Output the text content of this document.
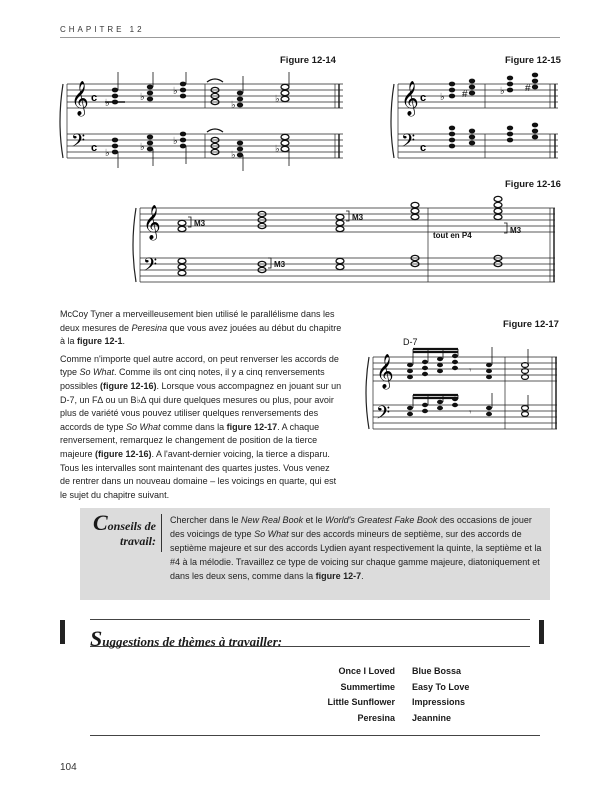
CHAPITRE 12
Figure 12-14	Figure 12-15
Figure 12-16
Figure 12-17
𝄞
𝄢
c
c
♭
♭
♭
♭
♭
♭
♭
♭
♭
♭
𝄞
𝄢
c
c
♭ #	♭ #
𝄞
𝄢
M3
M3
M3
M3
tout en P4

McCoy Tyner a merveilleusement bien utilisé le parallélisme dans les deux mesures de Peresina que vous avez jouées au début du chapitre à la figure 12-1.

Comme n'importe quel autre accord, on peut renverser les accords de type So What. Comme ils ont cinq notes, il y a cinq renversements possibles (figure 12-16). Lorsque vous accompagnez en jouant sur un D-7, un F∆ ou un B♭∆ qui dure quelques mesures ou plus, pour avoir plus de variété vous pouvez utiliser quelques renversements des accords de type So What comme dans la figure 12-17. A chaque renversement, remarquez le changement de position de la tierce majeure (figure 12-16). A l'avant-dernier voicing, la tierce a disparu. Tous les intervalles sont maintenant des quartes justes. Vous venez de rentrer dans un nouveau domaine – les voicings en quarte, qui est le sujet du chapitre suivant.

D-7
𝄞
𝄢
𝄾
𝄾
Conseils de
travail:
Chercher dans le New Real Book et le World's Greatest Fake Book des occasions de jouer des voicings de type So What sur des accords mineurs de septième, sur des accords de septième majeure et sur des accords Lydien ayant respectivement la quinte, la septième et la #4 à la mélodie. Travaillez ce type de voicing sur chaque gamme majeure, diatoniquement et dans les deux sens, comme dans la figure 12-7.
Suggestions de thèmes à travailler:
Once I Loved
Summertime
Little Sunflower
Peresina
Blue Bossa
Easy To Love
Impressions
Jeannine
104
